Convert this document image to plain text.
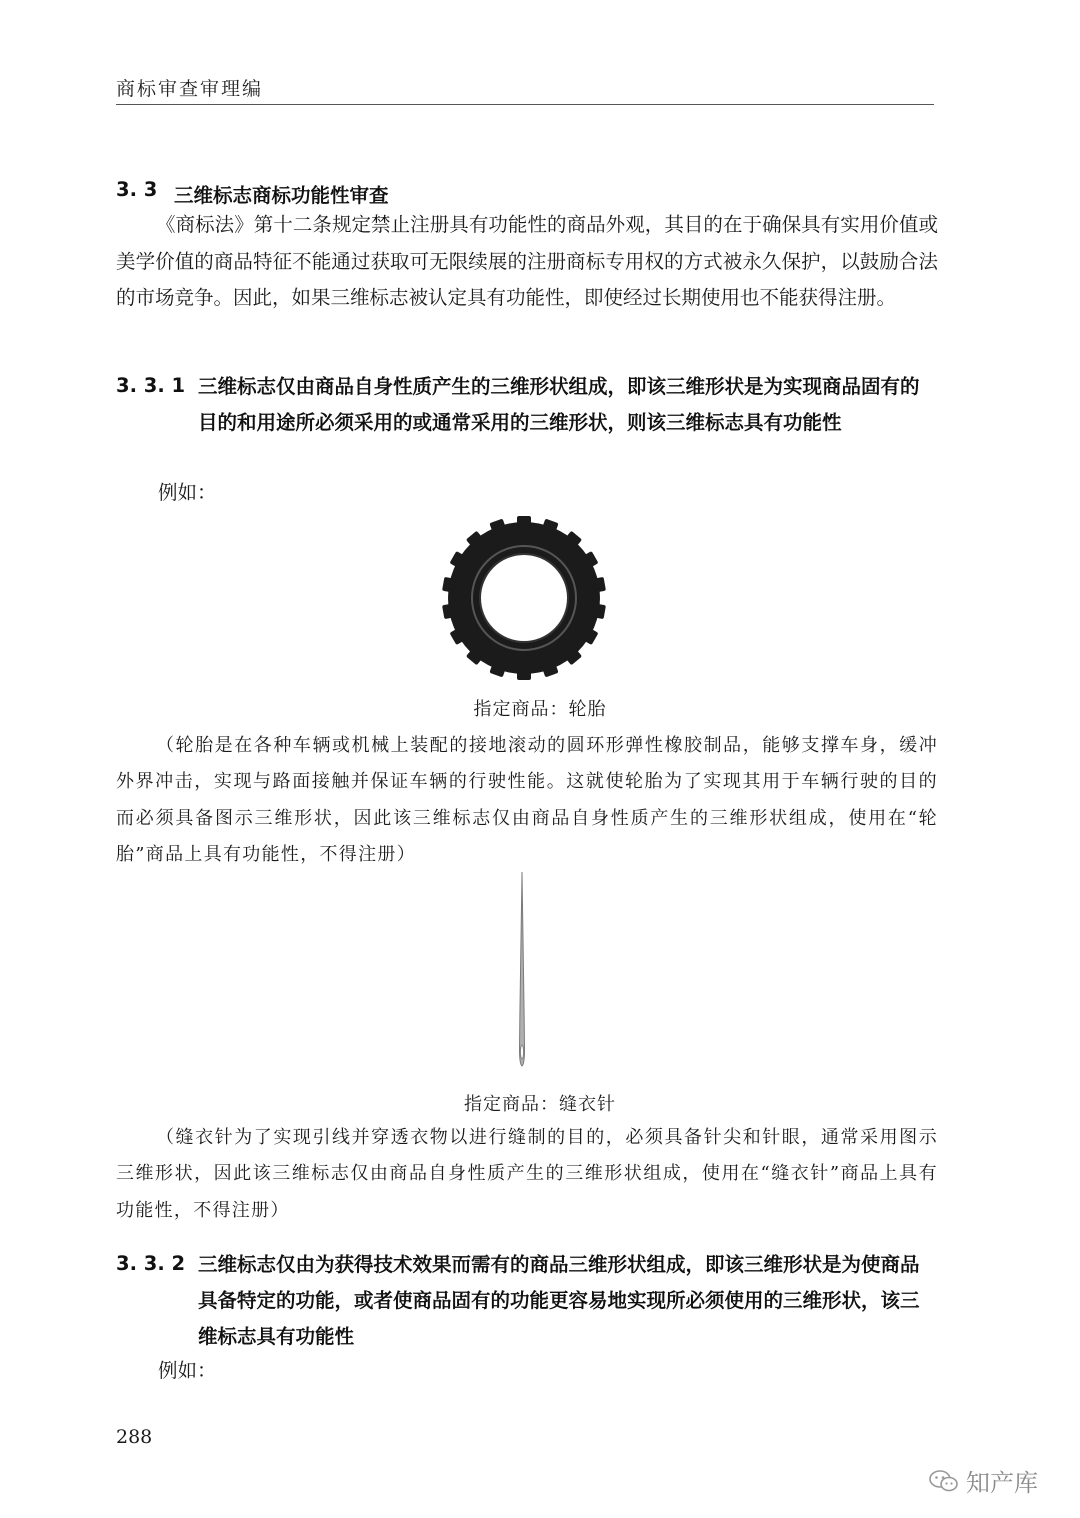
商标审查审理编
3. 3 三维标志商标功能性审查
《商标法》第十二条规定禁止注册具有功能性的商品外观，其目的在于确保具有实用价值或美学价值的商品特征不能通过获取可无限续展的注册商标专用权的方式被永久保护，以鼓励合法的市场竞争。因此，如果三维标志被认定具有功能性，即使经过长期使用也不能获得注册。
3. 3. 1 三维标志仅由商品自身性质产生的三维形状组成，即该三维形状是为实现商品固有的目的和用途所必须采用的或通常采用的三维形状，则该三维标志具有功能性
例如：
指定商品：轮胎
（轮胎是在各种车辆或机械上装配的接地滚动的圆环形弹性橡胶制品，能够支撑车身，缓冲外界冲击，实现与路面接触并保证车辆的行驶性能。这就使轮胎为了实现其用于车辆行驶的目的而必须具备图示三维形状，因此该三维标志仅由商品自身性质产生的三维形状组成，使用在“轮胎”商品上具有功能性，不得注册）
指定商品：缝衣针
（缝衣针为了实现引线并穿透衣物以进行缝制的目的，必须具备针尖和针眼，通常采用图示三维形状，因此该三维标志仅由商品自身性质产生的三维形状组成，使用在“缝衣针”商品上具有功能性，不得注册）
3. 3. 2 三维标志仅由为获得技术效果而需有的商品三维形状组成，即该三维形状是为使商品具备特定的功能，或者使商品固有的功能更容易地实现所必须使用的三维形状，该三维标志具有功能性
例如：
288
知产库
